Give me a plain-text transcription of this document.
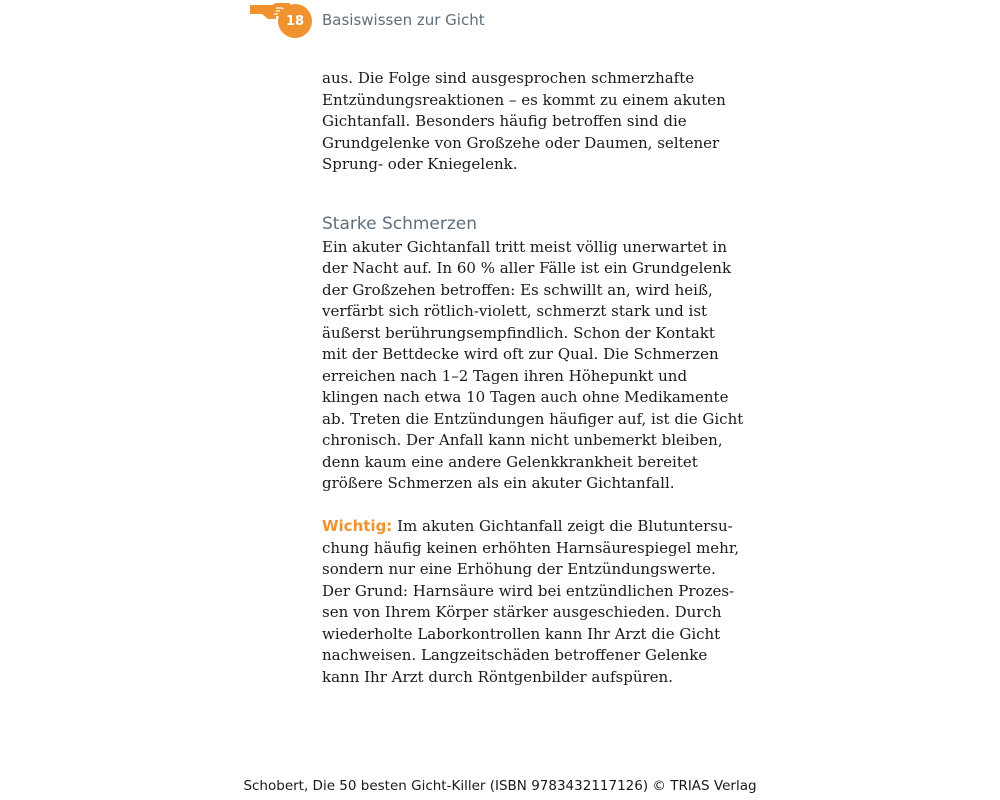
18	Basiswissen zur Gicht
aus. Die Folge sind ausgesprochen schmerzhafte
Entzündungsreaktionen – es kommt zu einem akuten
Gichtanfall. Besonders häufig betroffen sind die
Grundgelenke von Großzehe oder Daumen, seltener
Sprung- oder Kniegelenk.
Starke Schmerzen
Ein akuter Gichtanfall tritt meist völlig unerwartet in
der Nacht auf. In 60 % aller Fälle ist ein Grundgelenk
der Großzehen betroffen: Es schwillt an, wird heiß,
verfärbt sich rötlich-violett, schmerzt stark und ist
äußerst berührungsempfindlich. Schon der Kontakt
mit der Bettdecke wird oft zur Qual. Die Schmerzen
erreichen nach 1–2 Tagen ihren Höhepunkt und
klingen nach etwa 10 Tagen auch ohne Medikamente
ab. Treten die Entzündungen häufiger auf, ist die Gicht
chronisch. Der Anfall kann nicht unbemerkt bleiben,
denn kaum eine andere Gelenkkrankheit bereitet
größere Schmerzen als ein akuter Gichtanfall.
Wichtig: Im akuten Gichtanfall zeigt die Blutuntersu-
chung häufig keinen erhöhten Harnsäurespiegel mehr,
sondern nur eine Erhöhung der Entzündungswerte.
Der Grund: Harnsäure wird bei entzündlichen Prozes-
sen von Ihrem Körper stärker ausgeschieden. Durch
wiederholte Laborkontrollen kann Ihr Arzt die Gicht
nachweisen. Langzeitschäden betroffener Gelenke
kann Ihr Arzt durch Röntgenbilder aufspüren.
Schobert, Die 50 besten Gicht-Killer (ISBN 9783432117126) © TRIAS Verlag
